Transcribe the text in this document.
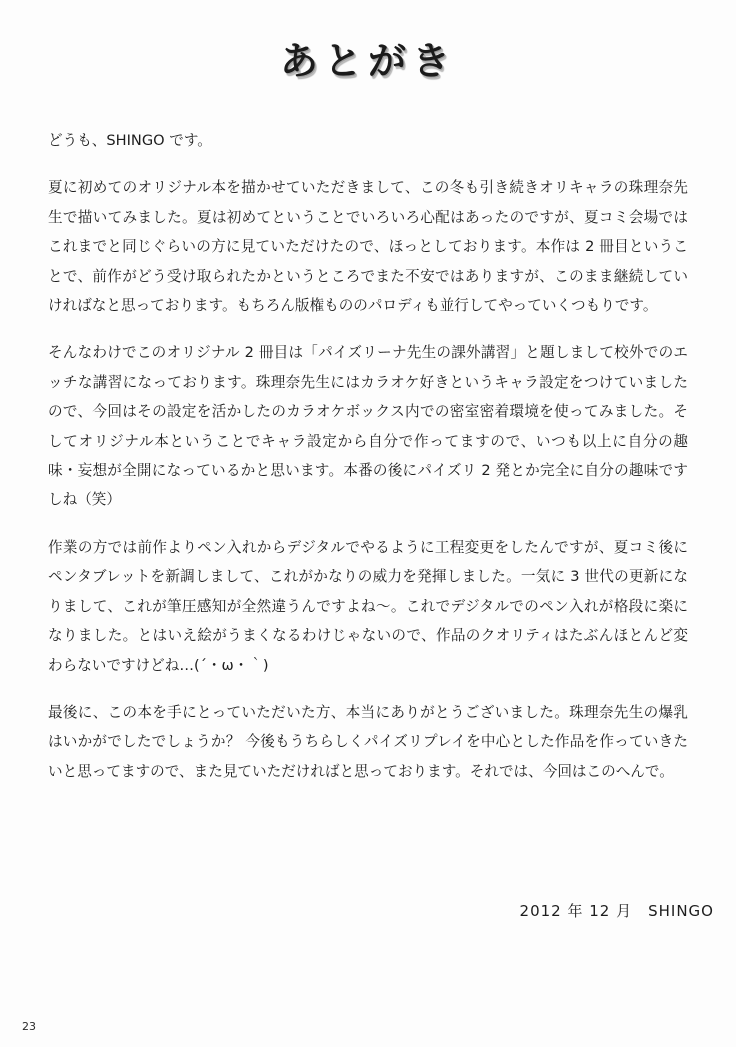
あとがき

どうも、SHINGO です。

夏に初めてのオリジナル本を描かせていただきまして、この冬も引き続きオリキャラの珠理奈先生で描いてみました。夏は初めてということでいろいろ心配はあったのですが、夏コミ会場ではこれまでと同じぐらいの方に見ていただけたので、ほっとしております。本作は 2 冊目ということで、前作がどう受け取られたかというところでまた不安ではありますが、このまま継続していければなと思っております。もちろん版権もののパロディも並行してやっていくつもりです。

そんなわけでこのオリジナル 2 冊目は「パイズリーナ先生の課外講習」と題しまして校外でのエッチな講習になっております。珠理奈先生にはカラオケ好きというキャラ設定をつけていましたので、今回はその設定を活かしたのカラオケボックス内での密室密着環境を使ってみました。そしてオリジナル本ということでキャラ設定から自分で作ってますので、いつも以上に自分の趣味・妄想が全開になっているかと思います。本番の後にパイズリ 2 発とか完全に自分の趣味ですしね（笑）

作業の方では前作よりペン入れからデジタルでやるように工程変更をしたんですが、夏コミ後にペンタブレットを新調しまして、これがかなりの威力を発揮しました。一気に 3 世代の更新になりまして、これが筆圧感知が全然違うんですよね〜。これでデジタルでのペン入れが格段に楽になりました。とはいえ絵がうまくなるわけじゃないので、作品のクオリティはたぶんほとんど変わらないですけどね…(´・ω・｀)

最後に、この本を手にとっていただいた方、本当にありがとうございました。珠理奈先生の爆乳はいかがでしたでしょうか？ 今後もうちらしくパイズリプレイを中心とした作品を作っていきたいと思ってますので、また見ていただければと思っております。それでは、今回はこのへんで。

2012 年 12 月　SHINGO
23
